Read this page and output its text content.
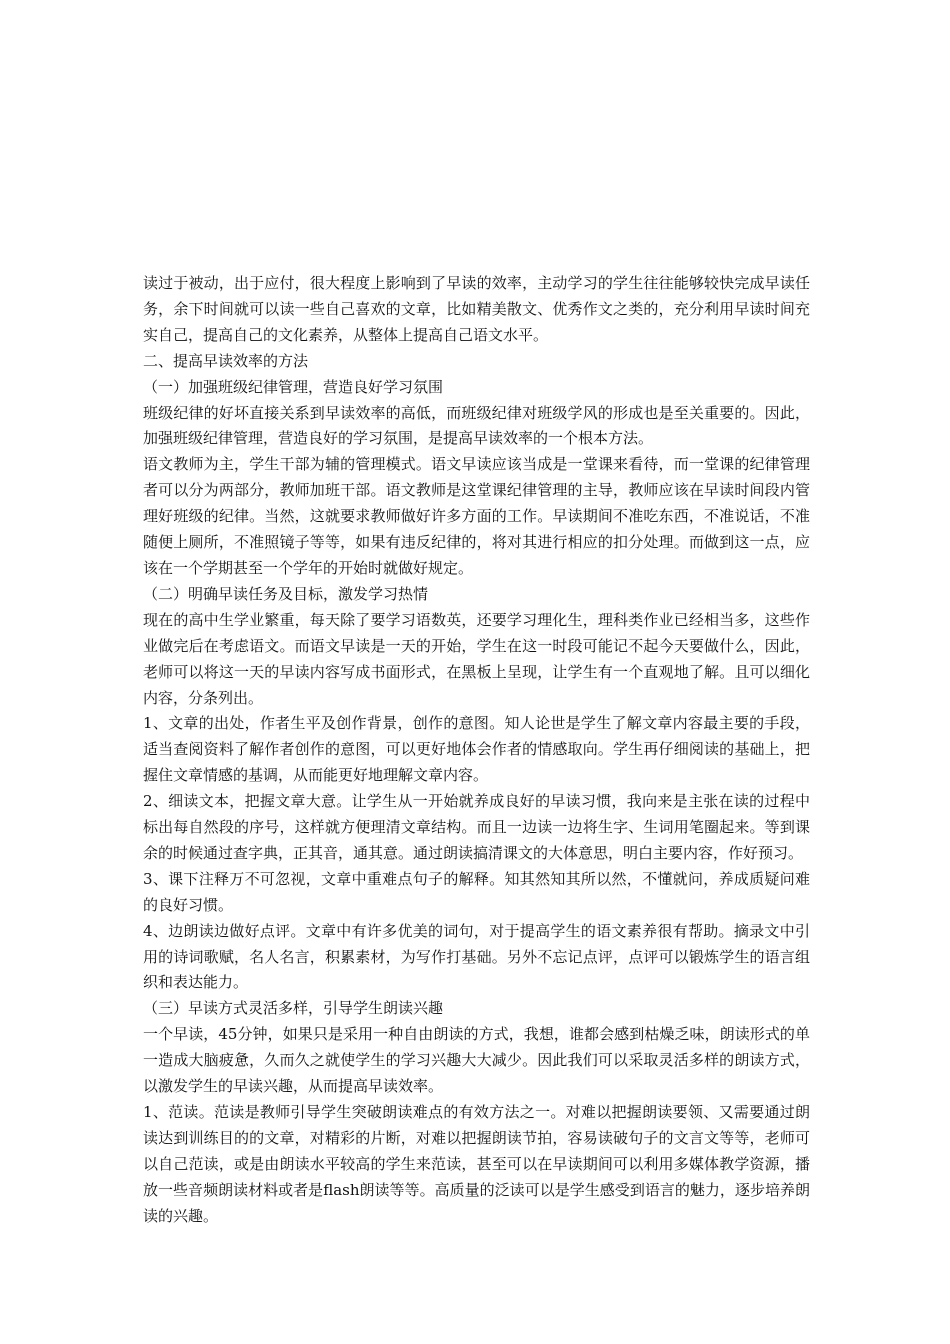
读过于被动，出于应付，很大程度上影响到了早读的效率，主动学习的学生往往能够较快完成早读任务，余下时间就可以读一些自己喜欢的文章，比如精美散文、优秀作文之类的，充分利用早读时间充实自己，提高自己的文化素养，从整体上提高自己语文水平。

二、提高早读效率的方法

（一）加强班级纪律管理，营造良好学习氛围

班级纪律的好坏直接关系到早读效率的高低，而班级纪律对班级学风的形成也是至关重要的。因此，加强班级纪律管理，营造良好的学习氛围，是提高早读效率的一个根本方法。

语文教师为主，学生干部为辅的管理模式。语文早读应该当成是一堂课来看待，而一堂课的纪律管理者可以分为两部分，教师加班干部。语文教师是这堂课纪律管理的主导，教师应该在早读时间段内管理好班级的纪律。当然，这就要求教师做好许多方面的工作。早读期间不准吃东西，不准说话，不准随便上厕所，不准照镜子等等，如果有违反纪律的，将对其进行相应的扣分处理。而做到这一点，应该在一个学期甚至一个学年的开始时就做好规定。

（二）明确早读任务及目标，激发学习热情

现在的高中生学业繁重，每天除了要学习语数英，还要学习理化生，理科类作业已经相当多，这些作业做完后在考虑语文。而语文早读是一天的开始，学生在这一时段可能记不起今天要做什么，因此，老师可以将这一天的早读内容写成书面形式，在黑板上呈现，让学生有一个直观地了解。且可以细化内容，分条列出。

1、文章的出处，作者生平及创作背景，创作的意图。知人论世是学生了解文章内容最主要的手段，适当查阅资料了解作者创作的意图，可以更好地体会作者的情感取向。学生再仔细阅读的基础上，把握住文章情感的基调，从而能更好地理解文章内容。

2、细读文本，把握文章大意。让学生从一开始就养成良好的早读习惯，我向来是主张在读的过程中标出每自然段的序号，这样就方便理清文章结构。而且一边读一边将生字、生词用笔圈起来。等到课余的时候通过查字典，正其音，通其意。通过朗读搞清课文的大体意思，明白主要内容，作好预习。

3、课下注释万不可忽视，文章中重难点句子的解释。知其然知其所以然，不懂就问，养成质疑问难的良好习惯。

4、边朗读边做好点评。文章中有许多优美的词句，对于提高学生的语文素养很有帮助。摘录文中引用的诗词歌赋，名人名言，积累素材，为写作打基础。另外不忘记点评，点评可以锻炼学生的语言组织和表达能力。

（三）早读方式灵活多样，引导学生朗读兴趣

一个早读，45分钟，如果只是采用一种自由朗读的方式，我想，谁都会感到枯燥乏味，朗读形式的单一造成大脑疲惫，久而久之就使学生的学习兴趣大大减少。因此我们可以采取灵活多样的朗读方式，以激发学生的早读兴趣，从而提高早读效率。

1、范读。范读是教师引导学生突破朗读难点的有效方法之一。对难以把握朗读要领、又需要通过朗读达到训练目的的文章，对精彩的片断，对难以把握朗读节拍，容易读破句子的文言文等等，老师可以自己范读，或是由朗读水平较高的学生来范读，甚至可以在早读期间可以利用多媒体教学资源，播放一些音频朗读材料或者是flash朗读等等。高质量的泛读可以是学生感受到语言的魅力，逐步培养朗读的兴趣。
